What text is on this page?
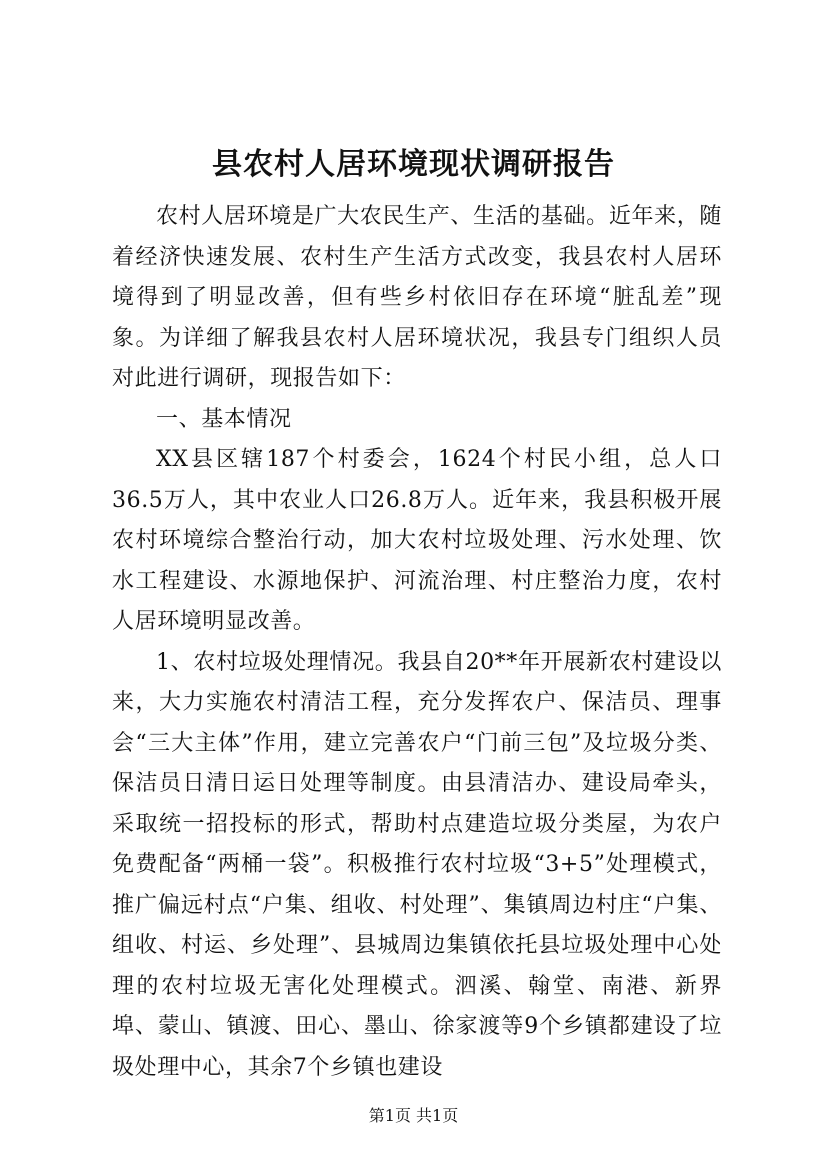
县农村人居环境现状调研报告

农村人居环境是广大农民生产、生活的基础。近年来，随着经济快速发展、农村生产生活方式改变，我县农村人居环境得到了明显改善，但有些乡村依旧存在环境“脏乱差”现象。为详细了解我县农村人居环境状况，我县专门组织人员对此进行调研，现报告如下：

一、基本情况

XX县区辖187个村委会，1624个村民小组，总人口36.5万人，其中农业人口26.8万人。近年来，我县积极开展农村环境综合整治行动，加大农村垃圾处理、污水处理、饮水工程建设、水源地保护、河流治理、村庄整治力度，农村人居环境明显改善。

1、农村垃圾处理情况。我县自20**年开展新农村建设以来，大力实施农村清洁工程，充分发挥农户、保洁员、理事会“三大主体”作用，建立完善农户“门前三包”及垃圾分类、保洁员日清日运日处理等制度。由县清洁办、建设局牵头，采取统一招投标的形式，帮助村点建造垃圾分类屋，为农户免费配备“两桶一袋”。积极推行农村垃圾“3+5”处理模式，推广偏远村点“户集、组收、村处理”、集镇周边村庄“户集、组收、村运、乡处理”、县城周边集镇依托县垃圾处理中心处理的农村垃圾无害化处理模式。泗溪、翰堂、南港、新界埠、蒙山、镇渡、田心、墨山、徐家渡等9个乡镇都建设了垃圾处理中心，其余7个乡镇也建设

第1页 共1页
